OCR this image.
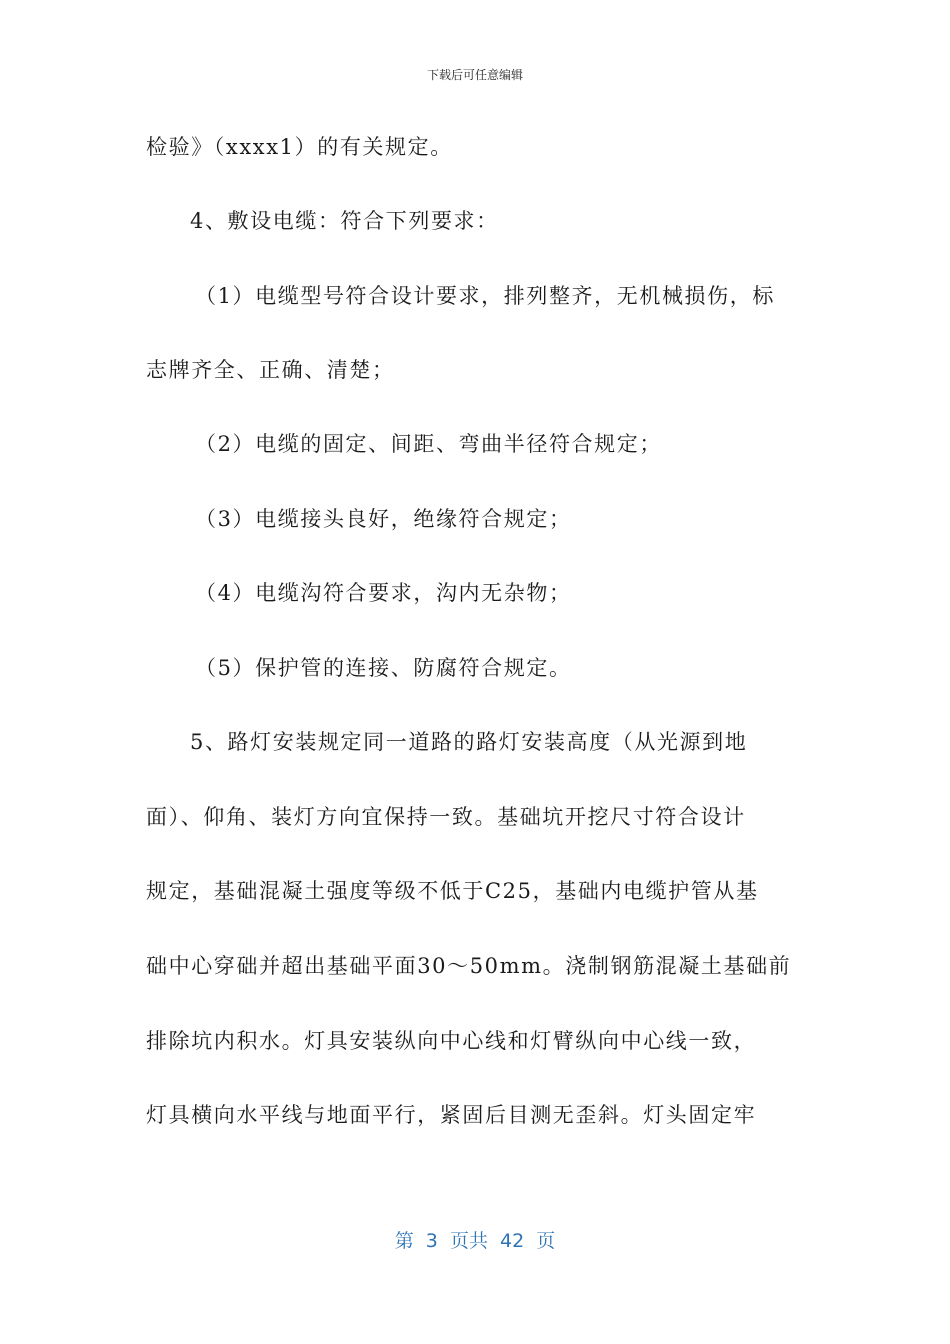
下载后可任意编辑
检验》（xxxx1）的有关规定。
4、敷设电缆：符合下列要求：
（1）电缆型号符合设计要求，排列整齐，无机械损伤，标
志牌齐全、正确、清楚；
（2）电缆的固定、间距、弯曲半径符合规定；
（3）电缆接头良好，绝缘符合规定；
（4）电缆沟符合要求，沟内无杂物；
（5）保护管的连接、防腐符合规定。
5、路灯安装规定同一道路的路灯安装高度（从光源到地
面）、仰角、装灯方向宜保持一致。基础坑开挖尺寸符合设计
规定，基础混凝土强度等级不低于C25，基础内电缆护管从基
础中心穿础并超出基础平面30～50mm。浇制钢筋混凝土基础前
排除坑内积水。灯具安装纵向中心线和灯臂纵向中心线一致，
灯具横向水平线与地面平行，紧固后目测无歪斜。灯头固定牢
第  3  页共  42  页
